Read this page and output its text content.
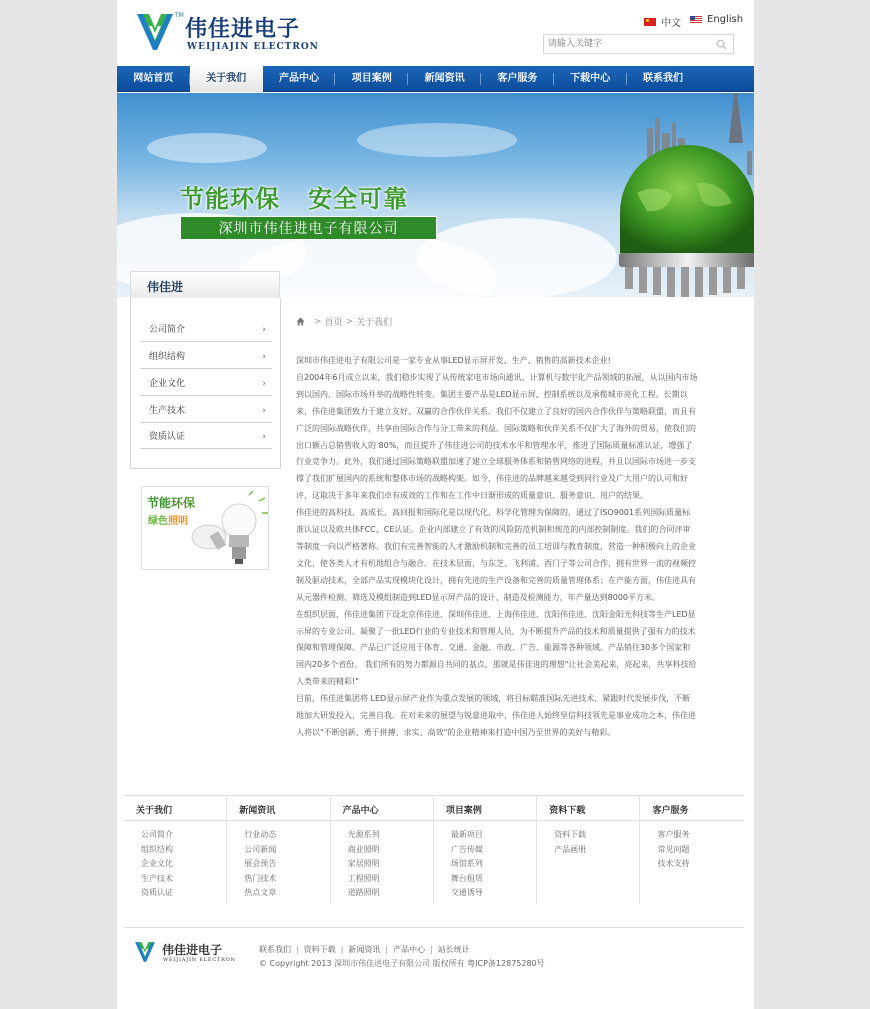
TM
伟佳进电子
WEIJIAJIN ELECTRON
中文	English
请输入关键字
网站首页	关于我们	产品中心	项目案例	新闻资讯	客户服务	下载中心	联系我们
节能环保 安全可靠
深圳市伟佳进电子有限公司
伟佳进
公司简介	›
组织结构	›
企业文化	›
生产技术	›
资质认证	›
节能环保
绿色照明
> 首页 > 关于我们

深圳市伟佳进电子有限公司是一家专业从事LED显示屏开发、生产、销售的高新技术企业!

自2004年6月成立以来，我们稳步实现了从传统家电市场向通讯、计算机与数字化产品领域的拓展，从以国内市场到以国内、国际市场并举的战略性转变。集团主要产品是LED显示屏、控制系统以及承揽城市亮化工程。长期以来，伟佳进集团致力于建立友好、双赢的合作伙伴关系。我们不仅建立了良好的国内合作伙伴与策略联盟，而且有广泛的国际战略伙伴，共享由国际合作与分工带来的利益。国际策略和伙伴关系不仅扩大了海外的贸易，使我们的出口额占总销售收入的 80%，而且提升了伟佳进公司的技术水平和管理水平，推进了国际质量标准认证，增强了行业竞争力。此外，我们通过国际策略联盟加速了建立全球服务体系和销售网络的进程，并且以国际市场进一步支撑了我们扩展国内的系统和整体市场的战略构架。如今，伟佳进的品牌越来越受到同行业及广大用户的认可和好评，这取决于多年来我们卓有成效的工作和在工作中日渐形成的质量意识、服务意识、用户的结果。

伟佳进的高科技、高成长、高回报和国际化是以现代化、科学化管理为保障的，通过了ISO9001系列国际质量标准认证以及欧共体FCC、CE认证。企业内部建立了有效的风险防范机制和规范的内部控制制度。我们的合同评审等制度一向以严格著称。我们有完善智能的人才激励机制和完善的员工培训与教育制度，营造一种积极向上的企业文化，使各类人才有机地组合与融合。在技术层面，与东芝、飞利浦、西门子等公司合作，拥有世界一流的视频控制及驱动技术，全部产品实现模块化设计，拥有先进的生产设备和完善的质量管理体系；在产能方面，伟佳进具有从元器件检测、筛选及模组制造到LED显示屏产品的设计、制造及检测能力，年产量达到8000平方米。

在组织层面，伟佳进集团下设北京伟佳进、深圳伟佳进、上海伟佳进、沈阳伟佳进、沈阳金阳光科技等生产LED显示屏的专业公司。凝聚了一批LED行业的专业技术和管理人员，为不断提升产品的技术和质量提供了强有力的技术保障和管理保障。产品已广泛应用于体育、交通、金融、市政、广告、能源等各种领域。产品销往30多个国家和国内20多个省份。 我们所有的努力都源自共同的基点，那就是伟佳进的理想"让社会美起来，亮起来，共享科技给人类带来的精彩!"

目前，伟佳进集团将 LED显示屏产业作为重点发展的领域，将目标瞄准国际先进技术，紧跟时代发展步伐，不断地加大研发投入，完善自我。在对未来的展望与锐意进取中，伟佳进人始终坚信科技领先是事业成功之本，伟佳进人将以"不断创新、勇于拼搏、求实、高效"的企业精神来打造中国乃至世界的美好与精彩。

关于我们
公司简介
组织结构
企业文化
生产技术
资质认证
新闻资讯
行业动态
公司新闻
展会预告
热门技术
热点文章
产品中心
光源系列
商业照明
家居照明
工程照明
道路照明
项目案例
最新项目
广告传媒
场馆系列
舞台租赁
交通诱导
资料下载
资料下载
产品画册
客户服务
客户服务
常见问题
技术支持
伟佳进电子
WEIJIAJIN ELECTRON
联系我们 | 资料下载 | 新闻资讯 | 产品中心 | 站长统计
© Copyright 2013 深圳市伟佳进电子有限公司 版权所有 粤ICP备12875280号
